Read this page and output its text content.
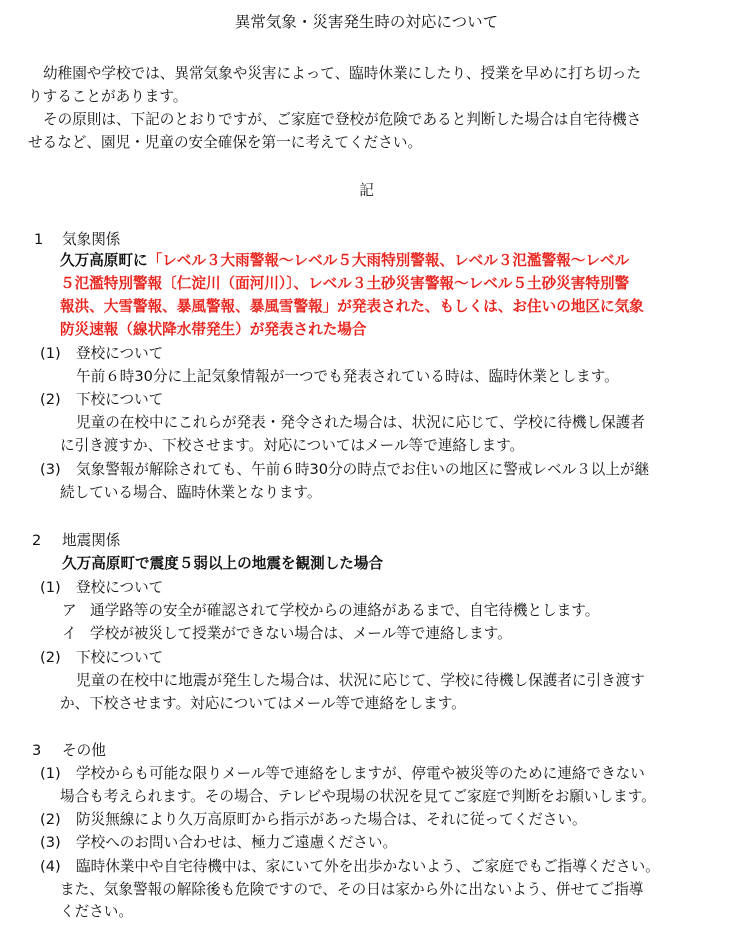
異常気象・災害発生時の対応について
幼稚園や学校では、異常気象や災害によって、臨時休業にしたり、授業を早めに打ち切った
りすることがあります。
その原則は、下記のとおりですが、ご家庭で登校が危険であると判断した場合は自宅待機さ
せるなど、園児・児童の安全確保を第一に考えてください。
記
1 気象関係
久万高原町に「レベル３大雨警報～レベル５大雨特別警報、レベル３氾濫警報～レベル
５氾濫特別警報〔仁淀川（面河川）〕、レベル３土砂災害警報～レベル５土砂災害特別警
報洪、大雪警報、暴風警報、暴風雪警報」が発表された、もしくは、お住いの地区に気象
防災速報（線状降水帯発生）が発表された場合
(1) 登校について
午前６時30分に上記気象情報が一つでも発表されている時は、臨時休業とします。
(2) 下校について
児童の在校中にこれらが発表・発令された場合は、状況に応じて、学校に待機し保護者
に引き渡すか、下校させます。対応についてはメール等で連絡します。
(3) 気象警報が解除されても、午前６時30分の時点でお住いの地区に警戒レベル３以上が継
続している場合、臨時休業となります。
2 地震関係
久万高原町で震度５弱以上の地震を観測した場合
(1) 登校について
ア 通学路等の安全が確認されて学校からの連絡があるまで、自宅待機とします。
イ 学校が被災して授業ができない場合は、メール等で連絡します。
(2) 下校について
児童の在校中に地震が発生した場合は、状況に応じて、学校に待機し保護者に引き渡す
か、下校させます。対応についてはメール等で連絡をします。
3 その他
(1) 学校からも可能な限りメール等で連絡をしますが、停電や被災等のために連絡できない
場合も考えられます。その場合、テレビや現場の状況を見てご家庭で判断をお願いします。
(2) 防災無線により久万高原町から指示があった場合は、それに従ってください。
(3) 学校へのお問い合わせは、極力ご遠慮ください。
(4) 臨時休業中や自宅待機中は、家にいて外を出歩かないよう、ご家庭でもご指導ください。
また、気象警報の解除後も危険ですので、その日は家から外に出ないよう、併せてご指導
ください。
